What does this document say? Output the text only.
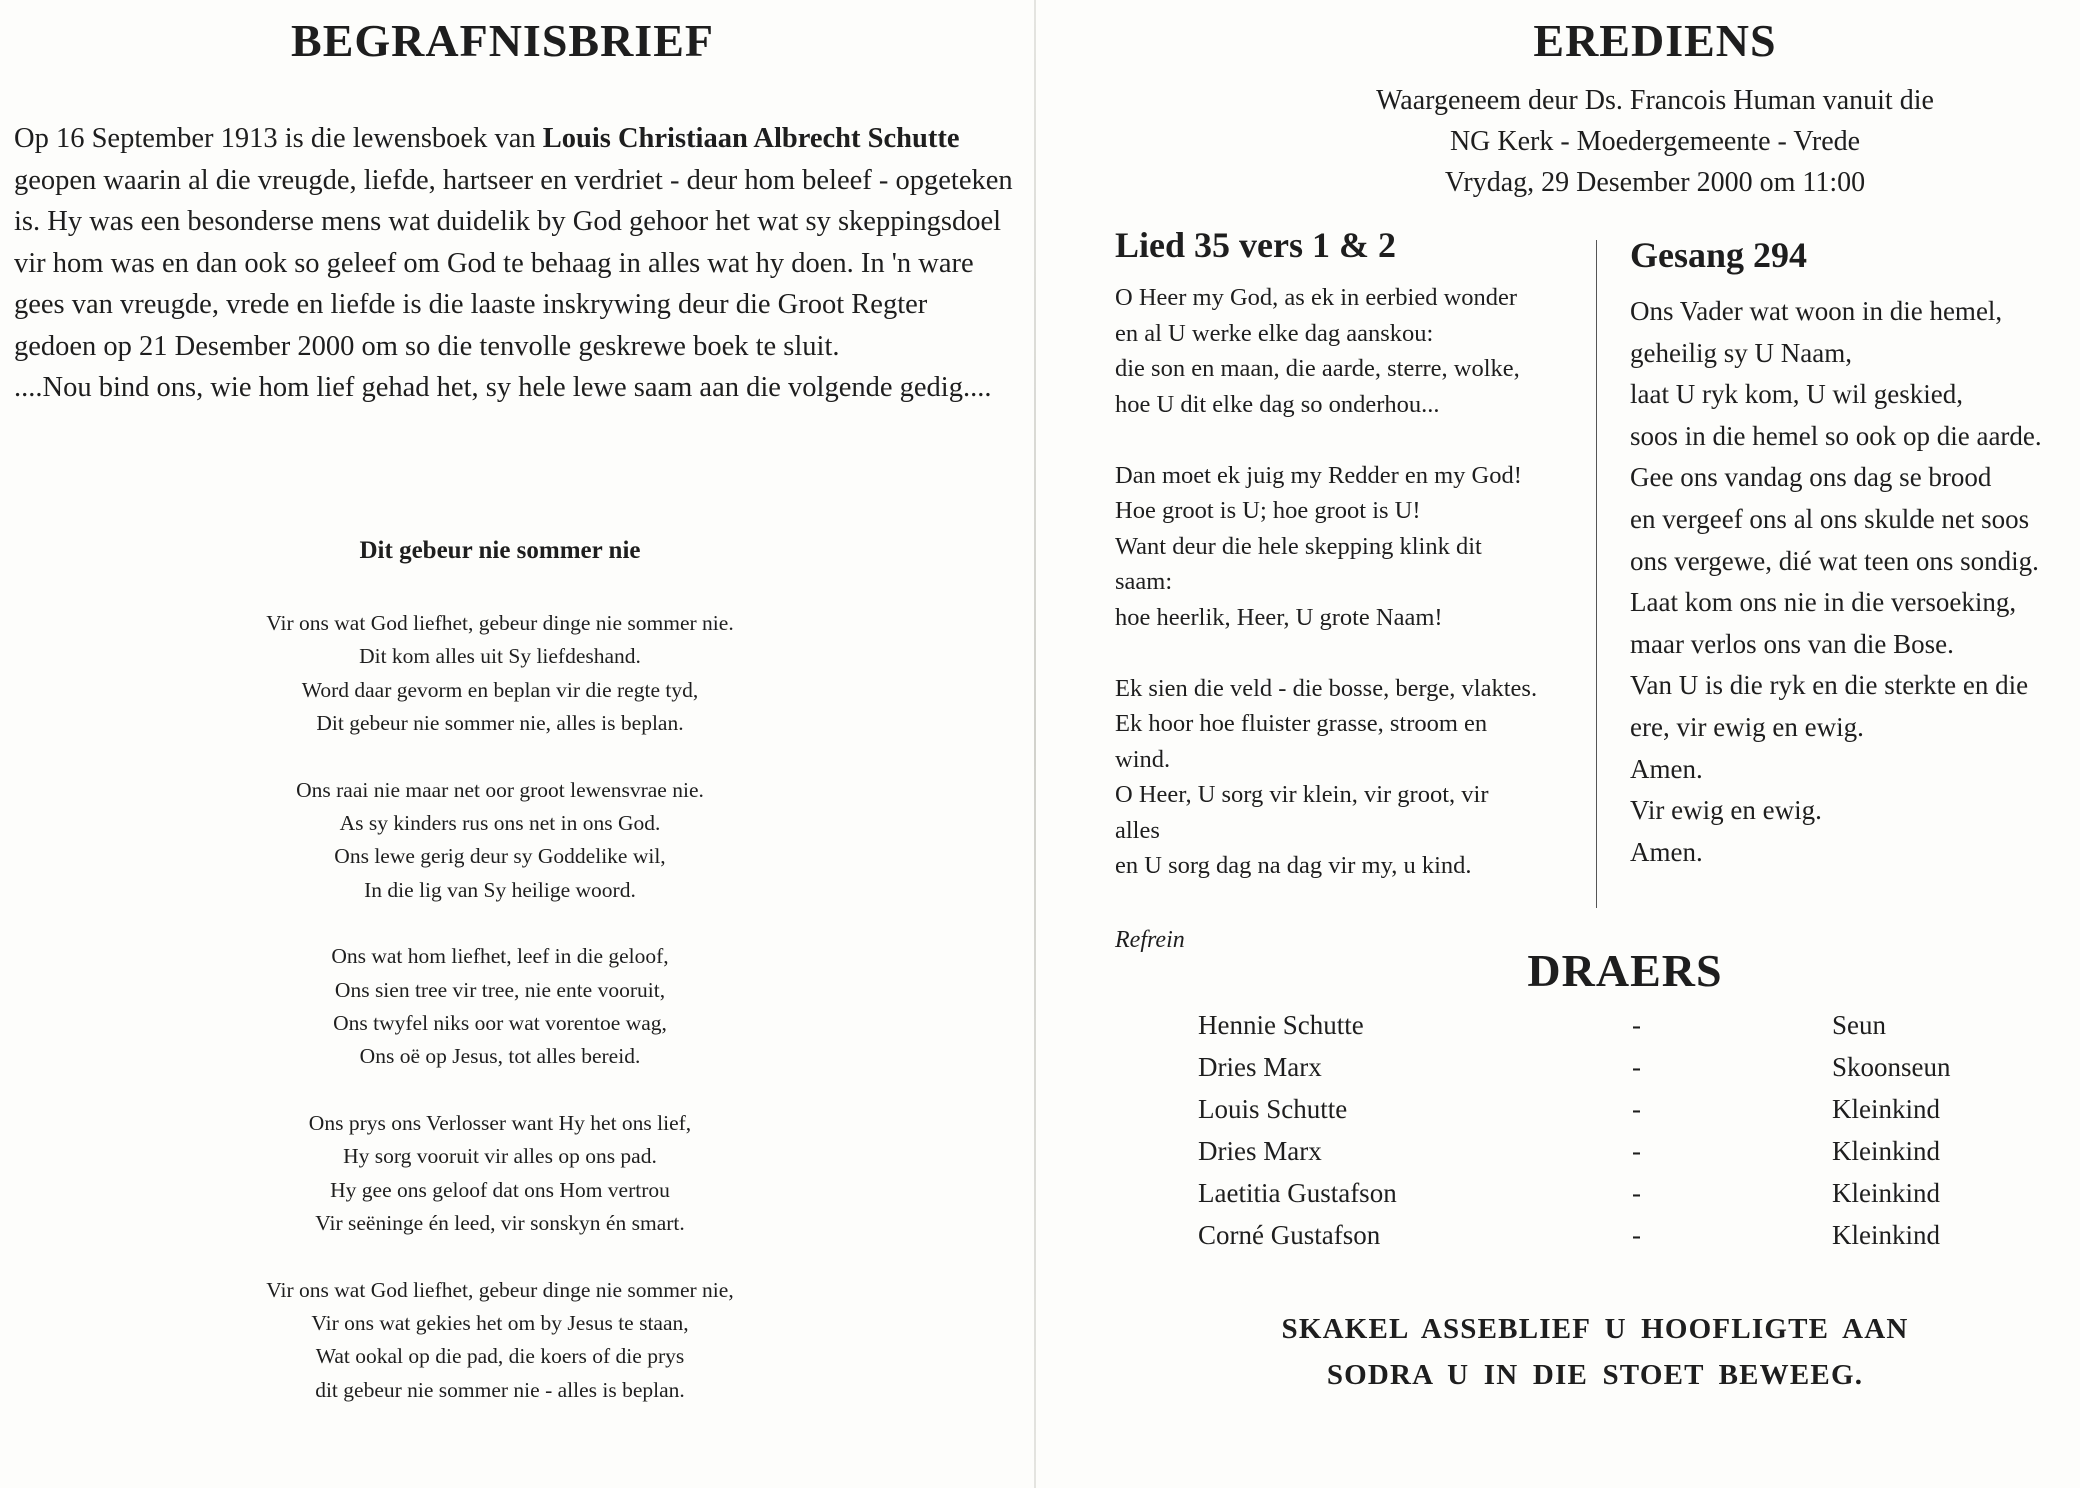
BEGRAFNISBRIEF

Op 16 September 1913 is die lewensboek van Louis Christiaan Albrecht Schutte geopen waarin al die vreugde, liefde, hartseer en verdriet - deur hom beleef - opgeteken is. Hy was een besonderse mens wat duidelik by God gehoor het wat sy skeppingsdoel vir hom was en dan ook so geleef om God te behaag in alles wat hy doen. In 'n ware gees van vreugde, vrede en liefde is die laaste inskrywing deur die Groot Regter gedoen op 21 Desember 2000 om so die tenvolle geskrewe boek te sluit.

....Nou bind ons, wie hom lief gehad het, sy hele lewe saam aan die volgende gedig....

Dit gebeur nie sommer nie
Vir ons wat God liefhet, gebeur dinge nie sommer nie.
Dit kom alles uit Sy liefdeshand.
Word daar gevorm en beplan vir die regte tyd,
Dit gebeur nie sommer nie, alles is beplan.
Ons raai nie maar net oor groot lewensvrae nie.
As sy kinders rus ons net in ons God.
Ons lewe gerig deur sy Goddelike wil,
In die lig van Sy heilige woord.
Ons wat hom liefhet, leef in die geloof,
Ons sien tree vir tree, nie ente vooruit,
Ons twyfel niks oor wat vorentoe wag,
Ons oë op Jesus, tot alles bereid.
Ons prys ons Verlosser want Hy het ons lief,
Hy sorg vooruit vir alles op ons pad.
Hy gee ons geloof dat ons Hom vertrou
Vir seëninge én leed, vir sonskyn én smart.
Vir ons wat God liefhet, gebeur dinge nie sommer nie,
Vir ons wat gekies het om by Jesus te staan,
Wat ookal op die pad, die koers of die prys
dit gebeur nie sommer nie - alles is beplan.
EREDIENS
Waargeneem deur Ds. Francois Human vanuit die
NG Kerk - Moedergemeente - Vrede
Vrydag, 29 Desember 2000 om 11:00
Lied 35 vers 1 & 2
O Heer my God, as ek in eerbied wonder
en al U werke elke dag aanskou:
die son en maan, die aarde, sterre, wolke,
hoe U dit elke dag so onderhou...
Dan moet ek juig my Redder en my God!
Hoe groot is U; hoe groot is U!
Want deur die hele skepping klink dit
saam:
hoe heerlik, Heer, U grote Naam!
Ek sien die veld - die bosse, berge, vlaktes.
Ek hoor hoe fluister grasse, stroom en
wind.
O Heer, U sorg vir klein, vir groot, vir
alles
en U sorg dag na dag vir my, u kind.
Gesang 294
Ons Vader wat woon in die hemel,
geheilig sy U Naam,
laat U ryk kom, U wil geskied,
soos in die hemel so ook op die aarde.
Gee ons vandag ons dag se brood
en vergeef ons al ons skulde net soos
ons vergewe, dié wat teen ons sondig.
Laat kom ons nie in die versoeking,
maar verlos ons van die Bose.
Van U is die ryk en die sterkte en die
ere, vir ewig en ewig.
Amen.
Vir ewig en ewig.
Amen.
Refrein
DRAERS
Hennie Schutte	-	Seun
Dries Marx	-	Skoonseun
Louis Schutte	-	Kleinkind
Dries Marx	-	Kleinkind
Laetitia Gustafson	-	Kleinkind
Corné Gustafson	-	Kleinkind
SKAKEL ASSEBLIEF U HOOFLIGTE AAN
SODRA U IN DIE STOET BEWEEG.
